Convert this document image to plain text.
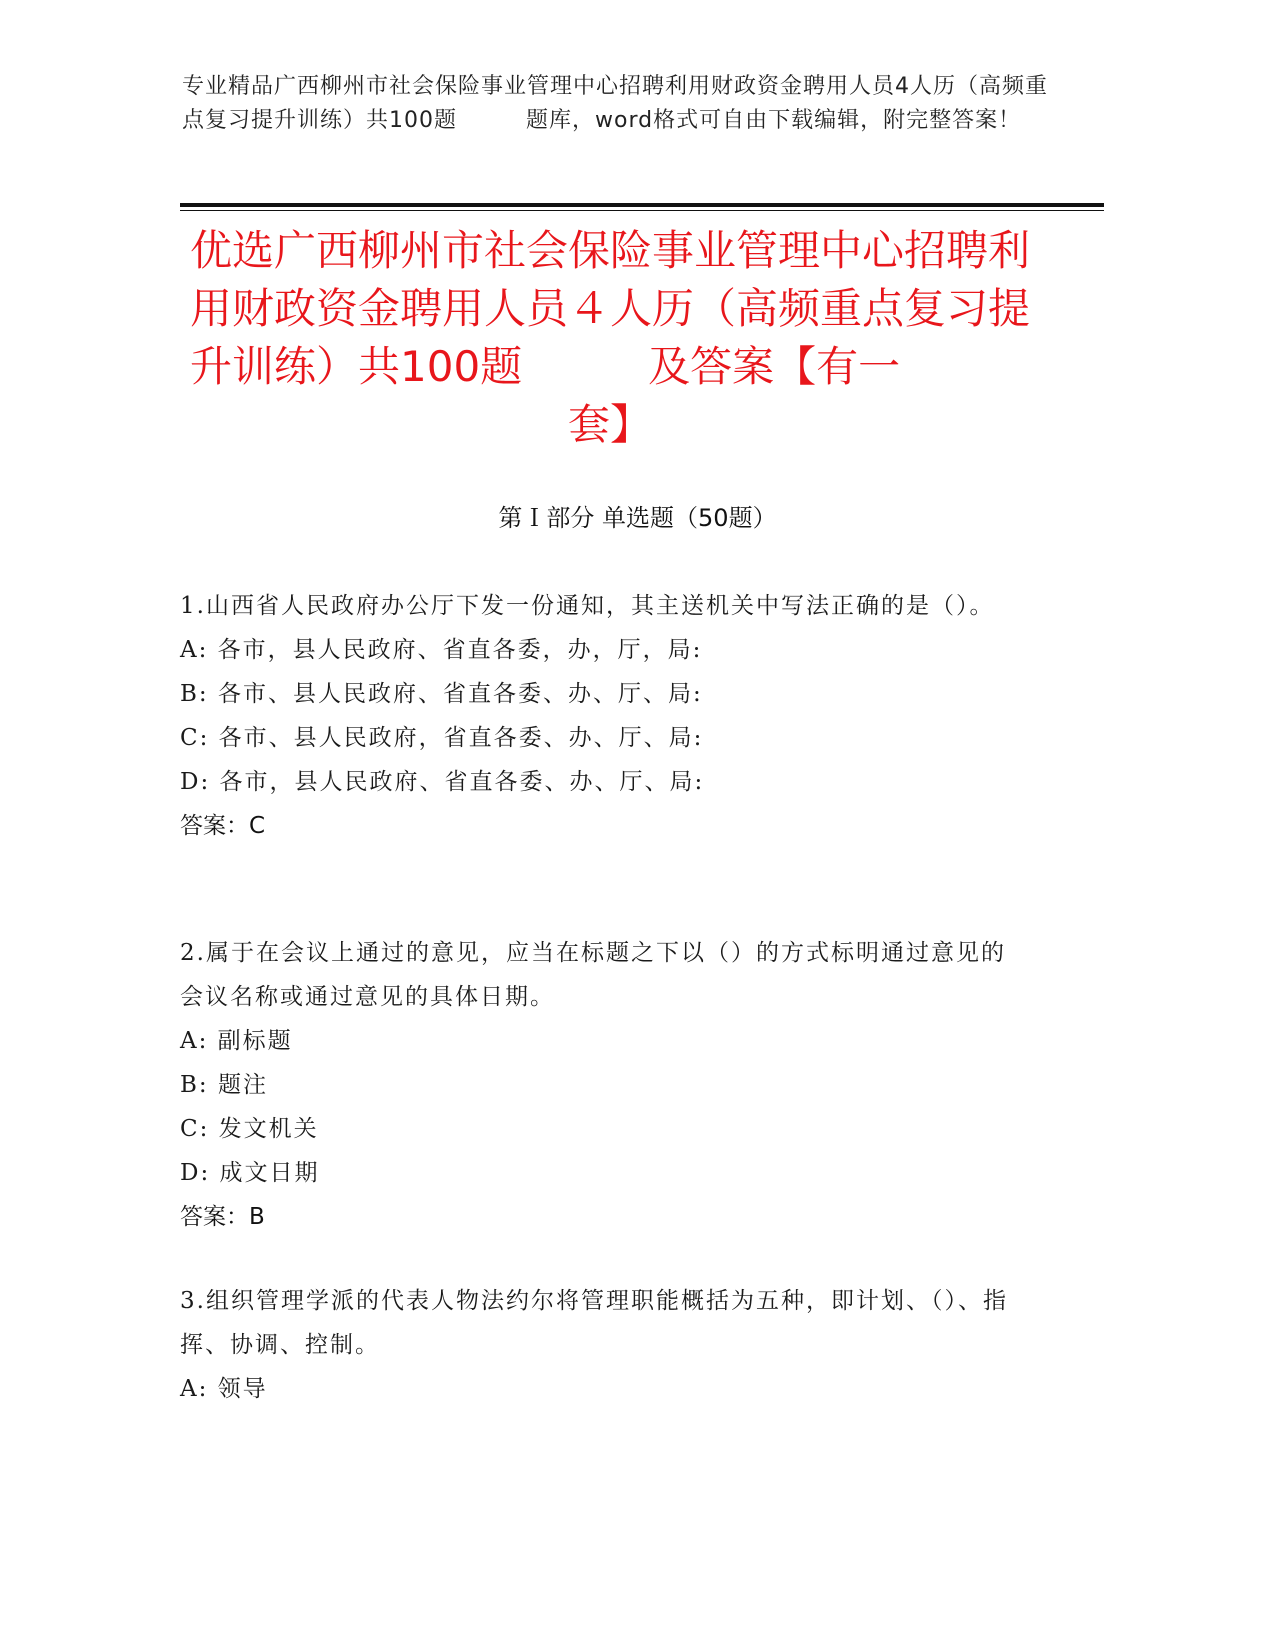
专业精品广西柳州市社会保险事业管理中心招聘利用财政资金聘用人员4人历（高频重点复习提升训练）共100题　　　题库，word格式可自由下载编辑，附完整答案！
优选广西柳州市社会保险事业管理中心招聘利用财政资金聘用人员４人历（高频重点复习提升训练）共100题　　　及答案【有一
套】
第Ｉ部分 单选题（50题）
1.山西省人民政府办公厅下发一份通知，其主送机关中写法正确的是（）。
A: 各市，县人民政府、省直各委，办，厅，局:
B: 各市、县人民政府、省直各委、办、厅、局:
C: 各市、县人民政府，省直各委、办、厅、局:
D: 各市，县人民政府、省直各委、办、厅、局:
答案：C
2.属于在会议上通过的意见，应当在标题之下以（）的方式标明通过意见的会议名称或通过意见的具体日期。
A: 副标题
B: 题注
C: 发文机关
D: 成文日期
答案：B
3.组织管理学派的代表人物法约尔将管理职能概括为五种，即计划、（）、指挥、协调、控制。
A: 领导
